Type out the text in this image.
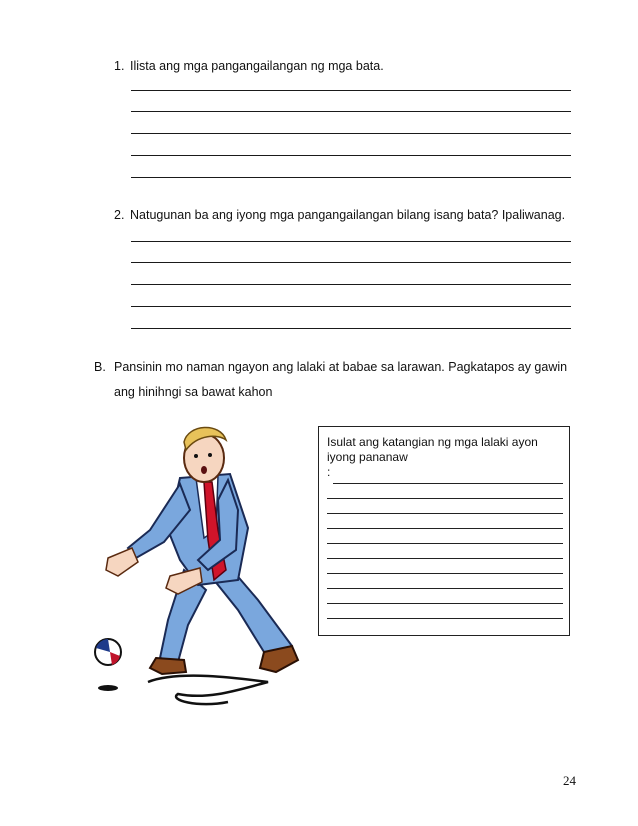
1. Ilista ang mga pangangailangan ng mga bata.
2. Natugunan ba ang iyong mga pangangailangan bilang isang bata? Ipaliwanag.
B. Pansinin mo naman ngayon ang lalaki at babae sa larawan. Pagkatapos ay gawin
ang hinihngi sa bawat kahon
Isulat ang katangian ng mga lalaki ayon
iyong pananaw
:
24
